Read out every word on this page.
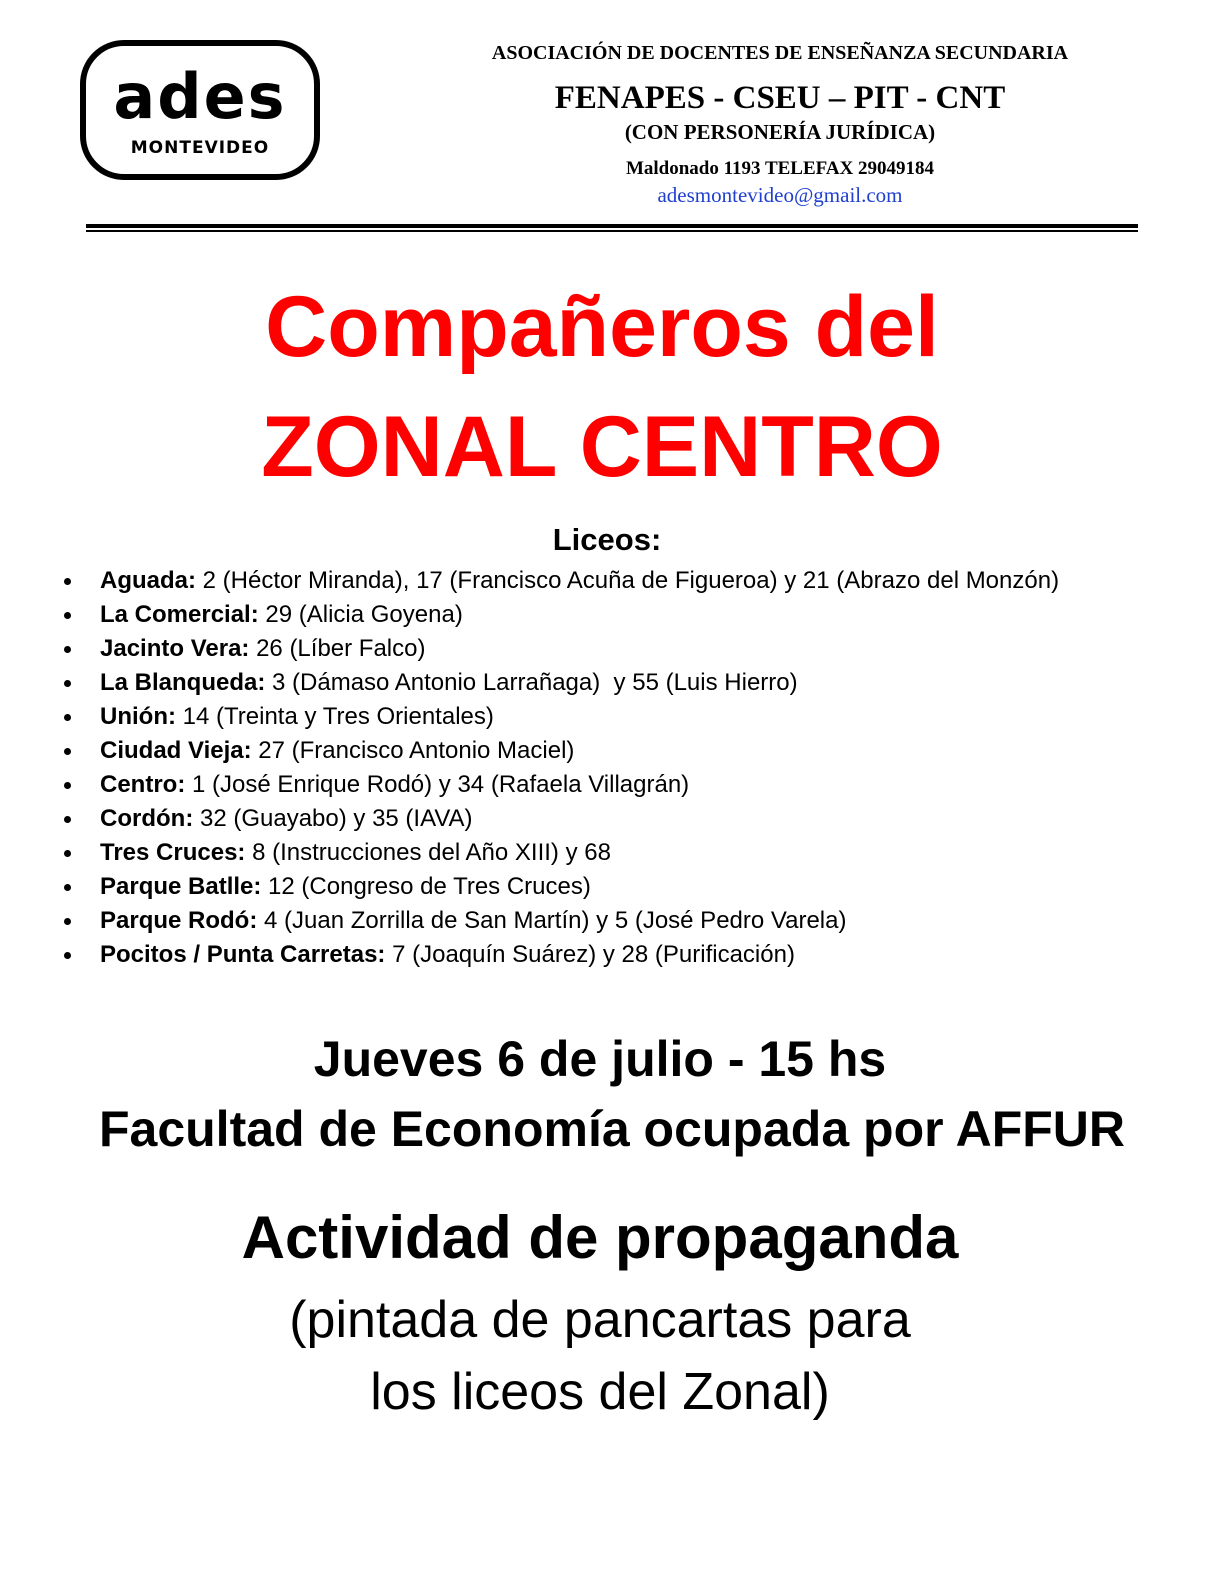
ades
MONTEVIDEO
ASOCIACIÓN DE DOCENTES DE ENSEÑANZA SECUNDARIA
FENAPES - CSEU – PIT - CNT
(CON PERSONERÍA JURÍDICA)
Maldonado 1193 TELEFAX 29049184
adesmontevideo@gmail.com
Compañeros del
ZONAL CENTRO
Liceos:
Aguada: 2 (Héctor Miranda), 17 (Francisco Acuña de Figueroa) y 21 (Abrazo del Monzón)
La Comercial: 29 (Alicia Goyena)
Jacinto Vera: 26 (Líber Falco)
La Blanqueda: 3 (Dámaso Antonio Larrañaga)  y 55 (Luis Hierro)
Unión: 14 (Treinta y Tres Orientales)
Ciudad Vieja: 27 (Francisco Antonio Maciel)
Centro: 1 (José Enrique Rodó) y 34 (Rafaela Villagrán)
Cordón: 32 (Guayabo) y 35 (IAVA)
Tres Cruces: 8 (Instrucciones del Año XIII) y 68
Parque Batlle: 12 (Congreso de Tres Cruces)
Parque Rodó: 4 (Juan Zorrilla de San Martín) y 5 (José Pedro Varela)
Pocitos / Punta Carretas: 7 (Joaquín Suárez) y 28 (Purificación)
Jueves 6 de julio - 15 hs
Facultad de Economía ocupada por AFFUR
Actividad de propaganda
(pintada de pancartas para
los liceos del Zonal)
